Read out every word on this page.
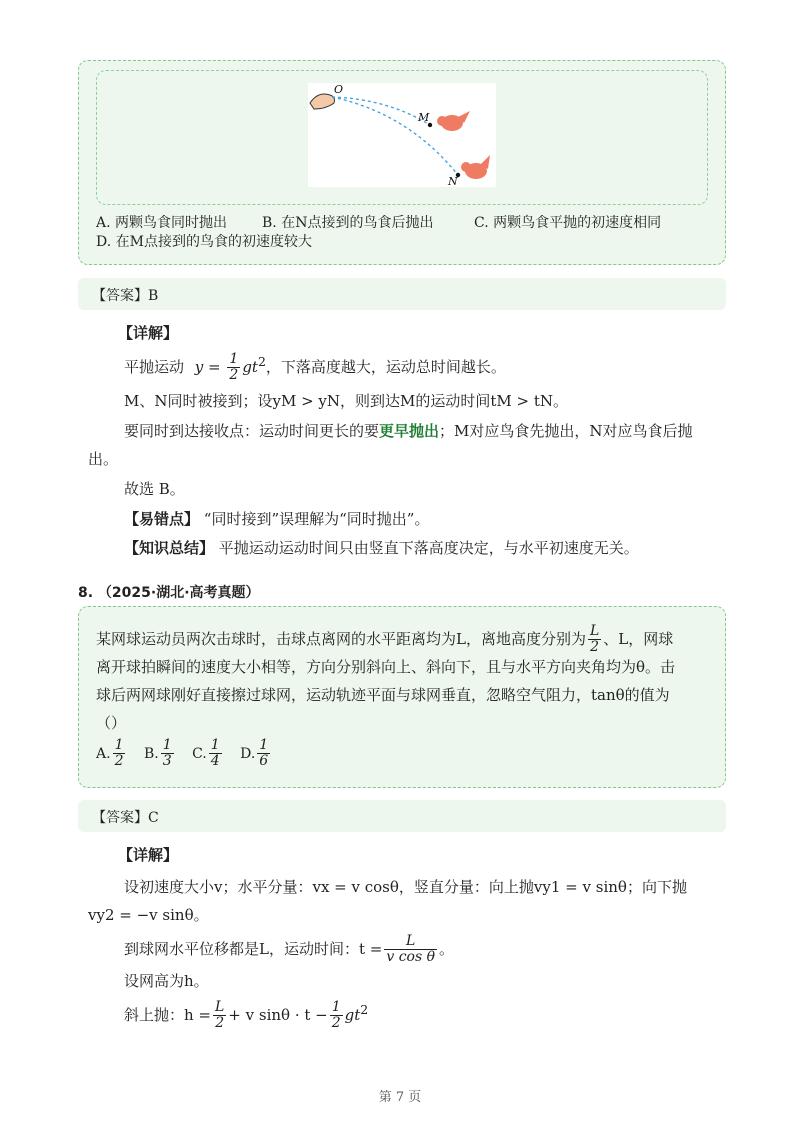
O
M
N
A. 两颗鸟食同时抛出 B. 在N点接到的鸟食后抛出	C. 两颗鸟食平抛的初速度相同
D. 在M点接到的鸟食的初速度较大
【答案】B
【详解】
平抛运动 $y = \frac{1}{2} gt^2$，下落高度越大，运动总时间越长。
M、N同时被接到；设yM > yN，则到达M的运动时间tM > tN。
要同时到达接收点：运动时间更长的要更早抛出；M对应鸟食先抛出，N对应鸟食后抛
出。
故选 B。
【易错点】 “同时接到”误理解为“同时抛出”。
【知识总结】 平抛运动运动时间只由竖直下落高度决定，与水平初速度无关。
8. （2025·湖北·高考真题）
某网球运动员两次击球时，击球点离网的水平距离均为L，离地高度分别为 $\frac{L}{2}$ 、L，网球
离开球拍瞬间的速度大小相等，方向分别斜向上、斜向下，且与水平方向夹角均为θ。击
球后两网球刚好直接擦过球网，运动轨迹平面与球网垂直，忽略空气阻力，tanθ的值为
（）
A. $\frac{1}{2} B$. $\frac{1}{3} C$. $\frac{1}{4} D$. $\frac{1}{6}$
【答案】C
【详解】
设初速度大小v；水平分量：vx = v cosθ，竖直分量：向上抛vy1 = v sinθ；向下抛
vy2 = −v sinθ。
到球网水平位移都是L，运动时间：$t = \frac{L}{\text{v cos θ}}$ 。
设网高为h。
斜上抛：$h = \frac{L}{2} + v$ $\sin\theta \cdot t - \frac{1}{2} gt^2$
第 7 页
